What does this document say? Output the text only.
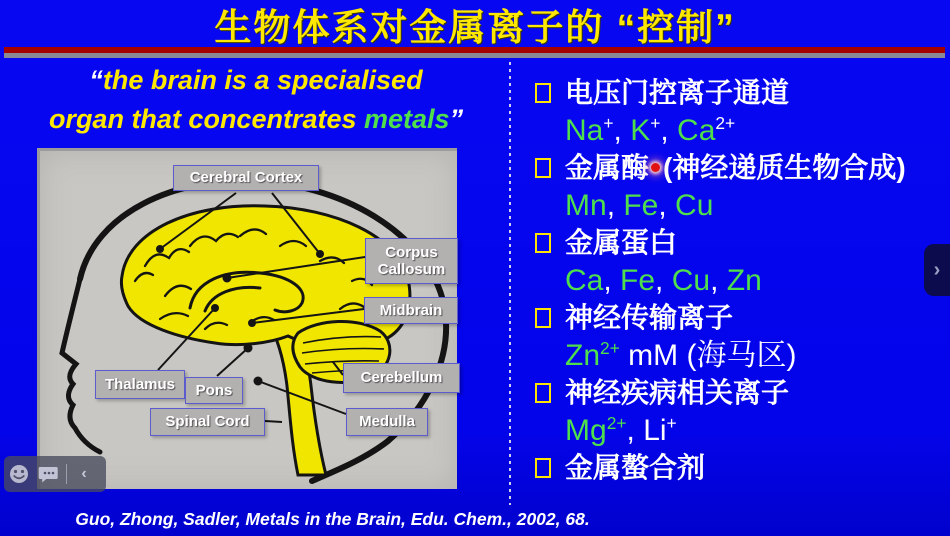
生物体系对金属离子的 “控制”
“the brain is a specialised
organ that concentrates metals”
Cerebral Cortex
Corpus Callosum
Midbrain
Thalamus	Pons
Spinal Cord
Cerebellum
Medulla
电压门控离子通道
Na+, K+, $Ca^{2+}$
金属酶 (神经递质生物合成)
Mn, Fe, Cu
金属蛋白
Ca, Fe, Cu, Zn
神经传输离子
$Zn^{2+}$ mM (海马区)
神经疾病相关离子
$Mg^{2+}$, Li+
金属螯合剂
Guo, Zhong, Sadler, Metals in the Brain, Edu. Chem., 2002, 68.
›
‹
